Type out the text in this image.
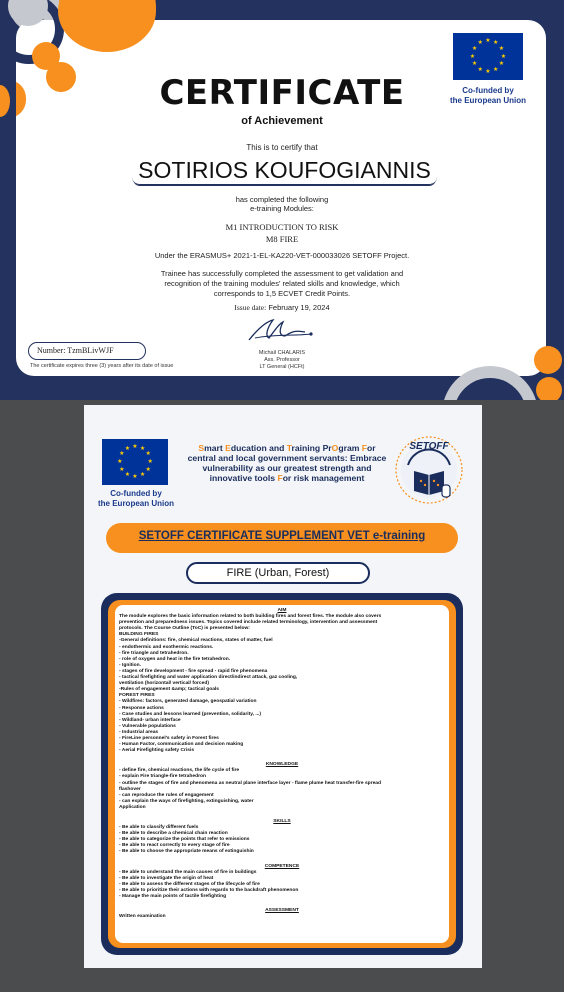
★ ★
★
★
★
★
★
★
★
★
★
★
Co-funded by
the European Union
CERTIFICATE
of Achievement
This is to certify that
SOTIRIOS KOUFOGIANNIS
has completed the following
e-training Modules:
M1 INTRODUCTION TO RISK
M8 FIRE
Under the ERASMUS+ 2021-1-EL-KA220-VET-000033026 SETOFF Project.
Trainee has successfully completed the assessment to get validation and
recognition of the training modules' related skills and knowledge, which
corresponds to 1,5 ECVET Credit Points.
Issue date: February 19, 2024
Michail CHALARIS
Ass. Professor
LT General (HCFt)
Number: TzmBLivWJF
The certificate expires three (3) years after its date of issue
★ ★
★
★
★
★
★
★
★
★
★
★
Co-funded by
the European Union
Smart Education and Training PrOgram For
central and local government servants: Embrace
vulnerability as our greatest strength and
innovative tools For risk management
SETOFF
SETOFF CERTIFICATE SUPPLEMENT VET e-training
FIRE (Urban, Forest)
AIM
The module explores the basic information related to both building fires and forest fires. The module also covers
prevention and preparedness issues. Topics covered include related terminology, intervention and assessment
protocols. The Course Outline (ToC) is presented below:
BUILDING FIRES
-General definitions: fire, chemical reactions, states of matter, fuel
- endothermic and exothermic reactions.
- fire triangle and tetrahedron.
- role of oxygen and heat in the fire tetrahedron.
- Ignition.
- stages of fire development - fire spread - rapid fire phenomena
- tactical firefighting and water application direct/indirect attack, gaz cooling,
ventilation (horizontal/ vertical/ forced)
-Rules of engagement &amp; tactical goals
FOREST FIRES
- Wildfires: factors, generated damage, geospatial variation
- Response actions
- Case studies and lessons learned (prevention, solidarity, ...)
- Wildland- urban interface
- Vulnerable populations
- Industrial areas
- FireLine personnel's safety in Forest fires
- Human Factor, communication and decision making
- Aerial Firefighting safety Crisis
KNOWLEDGE
- define fire, chemical reactions, the life cycle of fire
- explain Fire triangle-fire tetrahedron
- outline the stages of fire and phenomena as neutral plane interface layer - flame plume heat transfer-fire spread
flashover
- can reproduce the rules of engagement
- can explain the ways of firefighting, extinguishing, water
Application
SKILLS
- Be able to classify different fuels
- Be able to describe a chemical chain reaction
- Be able to categorize the points that refer to emissions
- Be able to react correctly to every stage of fire
- Be able to choose the appropriate means of extinguishin
COMPETENCE
- Be able to understand the main causes of fire in buildings
- Be able to investigate the origin of heat
- Be able to assess the different stages of the lifecycle of fire
- Be able to prioritize their actions with regards to the backdraft phenomenon
- Manage the main points of tactile firefighting
ASSESSMENT
Written examination
